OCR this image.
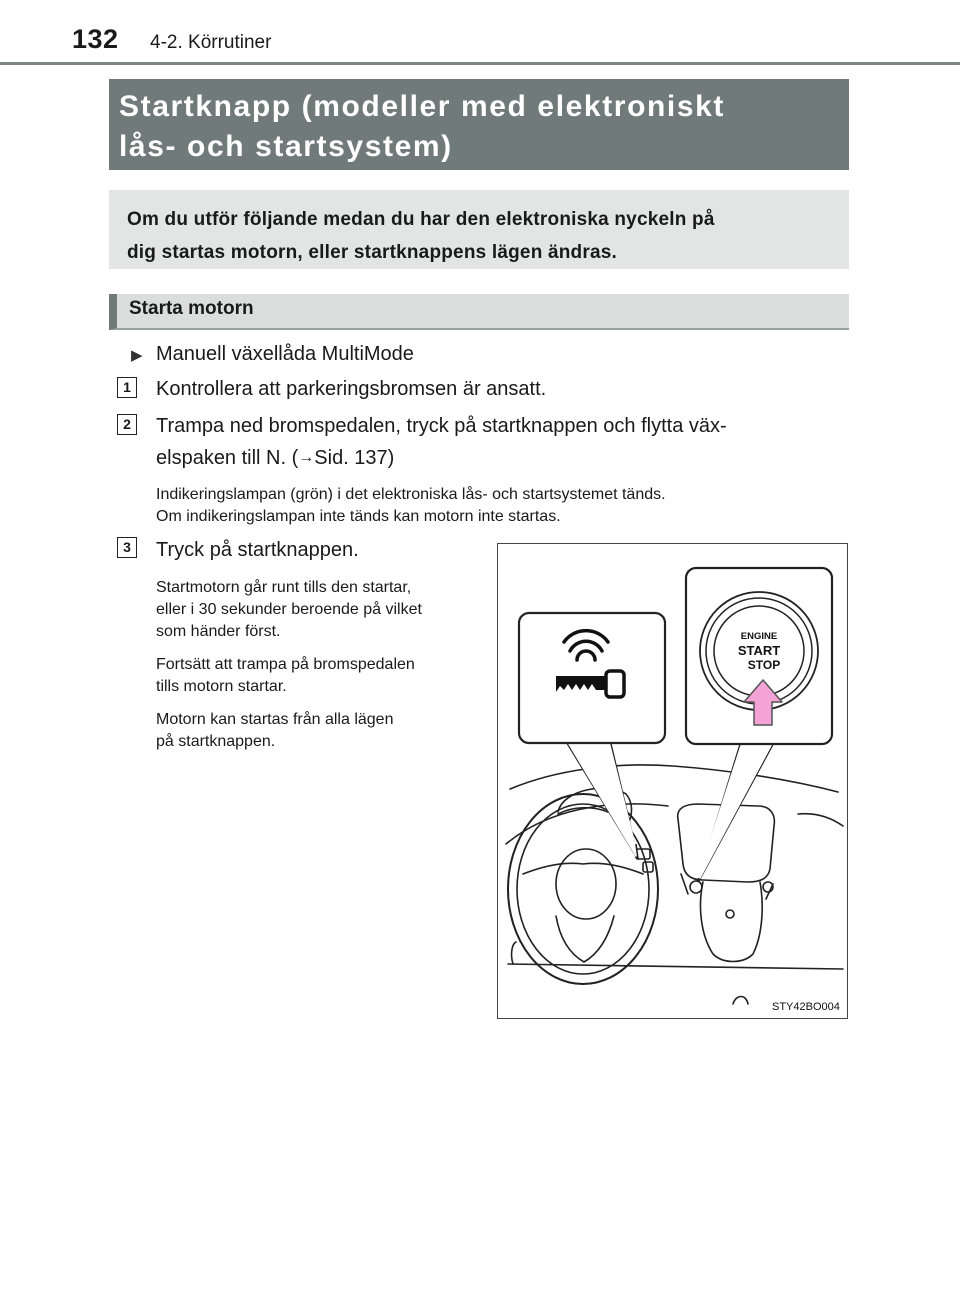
132 4-2. Körrutiner
Startknapp (modeller med elektroniskt
lås- och startsystem)
Om du utför följande medan du har den elektroniska nyckeln på
dig startas motorn, eller startknappens lägen ändras.
Starta motorn
▶ Manuell växellåda MultiMode
1	Kontrollera att parkeringsbromsen är ansatt.
2	Trampa ned bromspedalen, tryck på startknappen och flytta väx-
elspaken till N. (→Sid. 137)
Indikeringslampan (grön) i det elektroniska lås- och startsystemet tänds.
Om indikeringslampan inte tänds kan motorn inte startas.
3	Tryck på startknappen.
Startmotorn går runt tills den startar,
eller i 30 sekunder beroende på vilket
som händer först.
Fortsätt att trampa på bromspedalen
tills motorn startar.
Motorn kan startas från alla lägen
på startknappen.
ENGINE
START
STOP
STY42BO004
